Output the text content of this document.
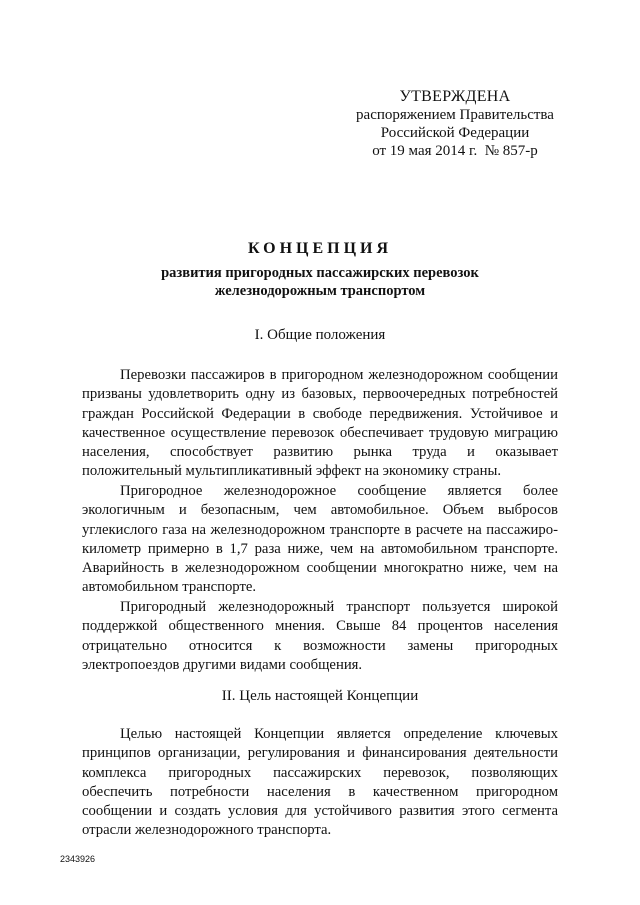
УТВЕРЖДЕНА
распоряжением Правительства
Российской Федерации
от 19 мая 2014 г.  № 857-р
КОНЦЕПЦИЯ
развития пригородных пассажирских перевозок
железнодорожным транспортом
I. Общие положения

Перевозки пассажиров в пригородном железнодорожном сообщении призваны удовлетворить одну из базовых, первоочередных потребностей граждан Российской Федерации в свободе передвижения. Устойчивое и качественное осуществление перевозок обеспечивает трудовую миграцию населения, способствует развитию рынка труда и оказывает положительный мультипликативный эффект на экономику страны.

Пригородное железнодорожное сообщение является более экологичным и безопасным, чем автомобильное. Объем выбросов углекислого газа на железнодорожном транспорте в расчете на пассажиро-километр примерно в 1,7 раза ниже, чем на автомобильном транспорте. Аварийность в железнодорожном сообщении многократно ниже, чем на автомобильном транспорте.

Пригородный железнодорожный транспорт пользуется широкой поддержкой общественного мнения. Свыше 84 процентов населения отрицательно относится к возможности замены пригородных электропоездов другими видами сообщения.

II. Цель настоящей Концепции

Целью настоящей Концепции является определение ключевых принципов организации, регулирования и финансирования деятельности комплекса пригородных пассажирских перевозок, позволяющих обеспечить потребности населения в качественном пригородном сообщении и создать условия для устойчивого развития этого сегмента отрасли железнодорожного транспорта.

2343926
